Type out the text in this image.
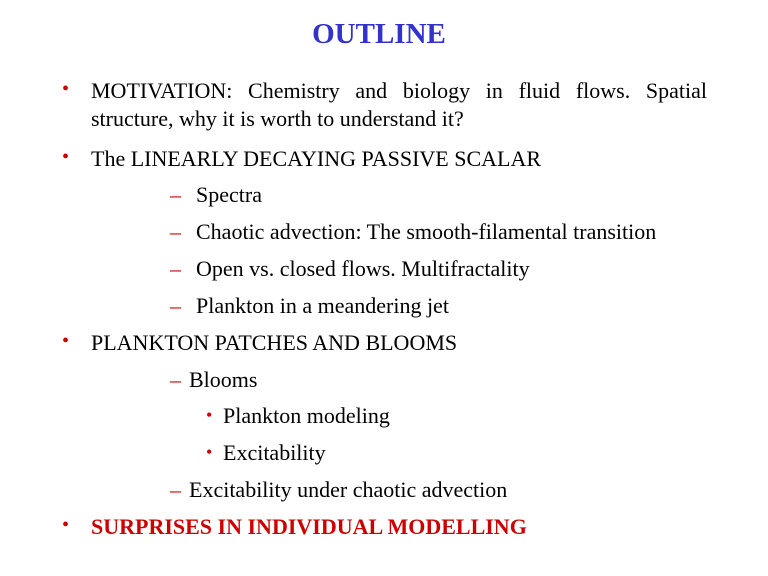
OUTLINE
• MOTIVATION: Chemistry and biology in fluid flows. Spatial structure, why it is worth to understand it?
• The LINEARLY DECAYING PASSIVE SCALAR
– Spectra
– Chaotic advection: The smooth-filamental transition
– Open vs. closed flows. Multifractality
– Plankton in a meandering jet
• PLANKTON PATCHES AND BLOOMS
– Blooms
• Plankton modeling
• Excitability
– Excitability under chaotic advection
• SURPRISES IN INDIVIDUAL MODELLING
